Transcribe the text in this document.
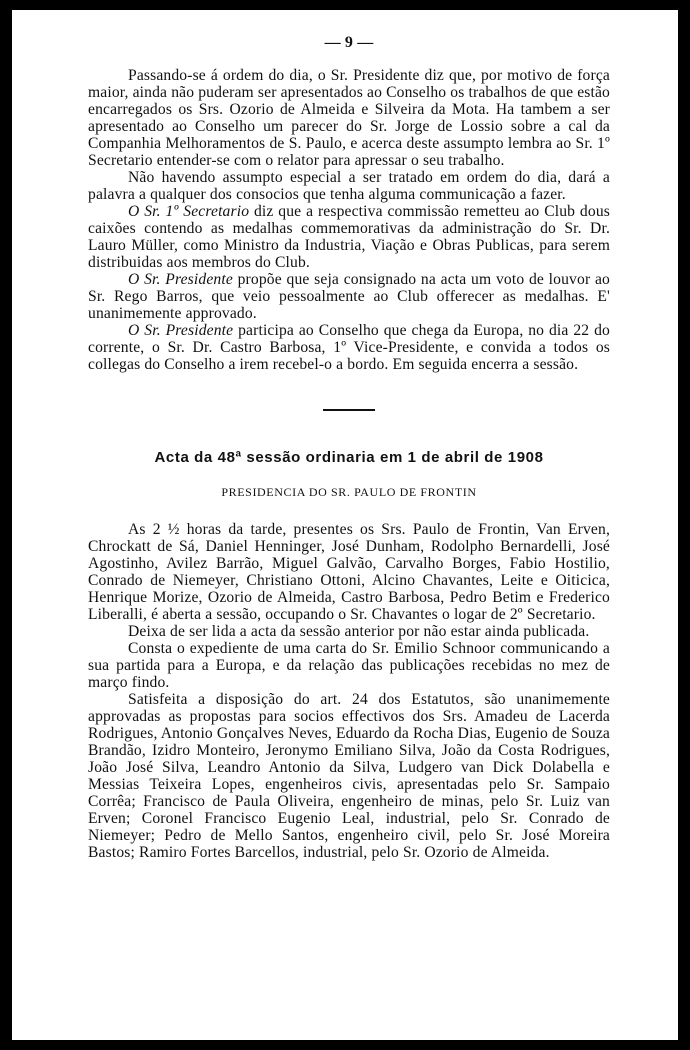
— 9 —

Passando-se á ordem do dia, o Sr. Presidente diz que, por motivo de força maior, ainda não puderam ser apresentados ao Conselho os trabalhos de que estão encarregados os Srs. Ozorio de Almeida e Silveira da Mota. Ha tambem a ser apresentado ao Conselho um parecer do Sr. Jorge de Lossio sobre a cal da Companhia Melhoramentos de S. Paulo, e acerca deste assumpto lembra ao Sr. 1º Secretario entender-se com o relator para apressar o seu trabalho.

Não havendo assumpto especial a ser tratado em ordem do dia, dará a palavra a qualquer dos consocios que tenha alguma communicação a fazer.

O Sr. 1º Secretario diz que a respectiva commissão remetteu ao Club dous caixões contendo as medalhas commemorativas da administração do Sr. Dr. Lauro Müller, como Ministro da Industria, Viação e Obras Publicas, para serem distribuidas aos membros do Club.

O Sr. Presidente propõe que seja consignado na acta um voto de louvor ao Sr. Rego Barros, que veio pessoalmente ao Club offerecer as medalhas. E' unanimemente approvado.

O Sr. Presidente participa ao Conselho que chega da Europa, no dia 22 do corrente, o Sr. Dr. Castro Barbosa, 1º Vice-Presidente, e convida a todos os collegas do Conselho a irem recebel-o a bordo. Em seguida encerra a sessão.

Acta da 48ª sessão ordinaria em 1 de abril de 1908
PRESIDENCIA DO SR. PAULO DE FRONTIN

As 2 ½ horas da tarde, presentes os Srs. Paulo de Frontin, Van Erven, Chrockatt de Sá, Daniel Henninger, José Dunham, Rodolpho Bernardelli, José Agostinho, Avilez Barrão, Miguel Galvão, Carvalho Borges, Fabio Hostilio, Conrado de Niemeyer, Christiano Ottoni, Alcino Chavantes, Leite e Oiticica, Henrique Morize, Ozorio de Almeida, Castro Barbosa, Pedro Betim e Frederico Liberalli, é aberta a sessão, occupando o Sr. Chavantes o logar de 2º Secretario.

Deixa de ser lida a acta da sessão anterior por não estar ainda publicada.

Consta o expediente de uma carta do Sr. Emilio Schnoor communicando a sua partida para a Europa, e da relação das publicações recebidas no mez de março findo.

Satisfeita a disposição do art. 24 dos Estatutos, são unanimemente approvadas as propostas para socios effectivos dos Srs. Amadeu de Lacerda Rodrigues, Antonio Gonçalves Neves, Eduardo da Rocha Dias, Eugenio de Souza Brandão, Izidro Monteiro, Jeronymo Emiliano Silva, João da Costa Rodrigues, João José Silva, Leandro Antonio da Silva, Ludgero van Dick Dolabella e Messias Teixeira Lopes, engenheiros civis, apresentadas pelo Sr. Sampaio Corrêa; Francisco de Paula Oliveira, engenheiro de minas, pelo Sr. Luiz van Erven; Coronel Francisco Eugenio Leal, industrial, pelo Sr. Conrado de Niemeyer; Pedro de Mello Santos, engenheiro civil, pelo Sr. José Moreira Bastos; Ramiro Fortes Barcellos, industrial, pelo Sr. Ozorio de Almeida.
